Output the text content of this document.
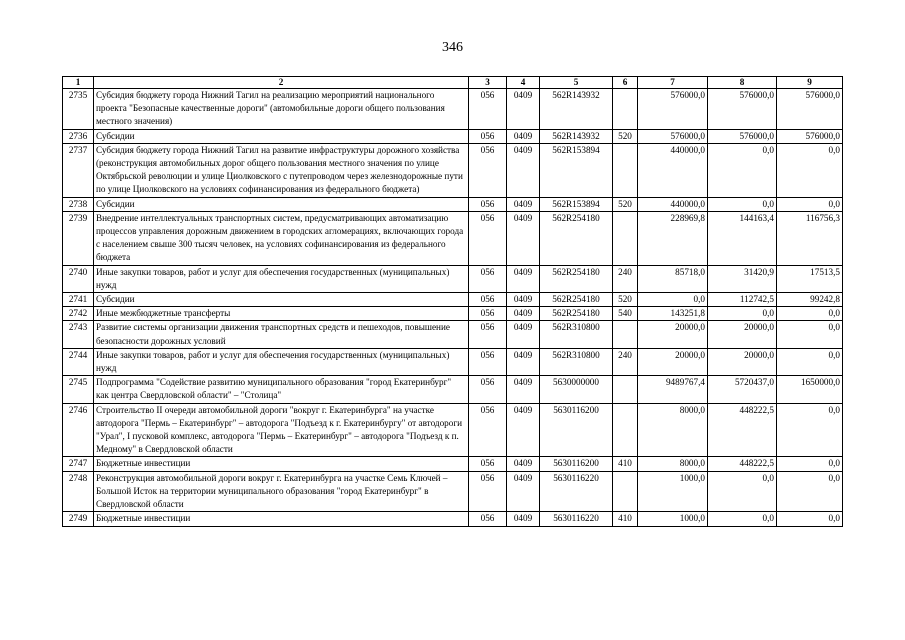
346
1	2	3	4	5	6	7	8	9
2735	Субсидия бюджету города Нижний Тагил на реализацию мероприятий национального проекта "Безопасные качественные дороги" (автомобильные дороги общего пользования местного значения)	056	0409	562R143932		576000,0	576000,0	576000,0
2736	Субсидии	056	0409	562R143932	520	576000,0	576000,0	576000,0
2737	Субсидия бюджету города Нижний Тагил на развитие инфраструктуры дорожного хозяйства (реконструкция автомобильных дорог общего пользования местного значения по улице Октябрьской революции и улице Циолковского с путепроводом через железнодорожные пути по улице Циолковского на условиях софинансирования из федерального бюджета)	056	0409	562R153894		440000,0	0,0	0,0
2738	Субсидии	056	0409	562R153894	520	440000,0	0,0	0,0
2739	Внедрение интеллектуальных транспортных систем, предусматривающих автоматизацию процессов управления дорожным движением в городских агломерациях, включающих города с населением свыше 300 тысяч человек, на условиях софинансирования из федерального бюджета	056	0409	562R254180		228969,8	144163,4	116756,3
2740	Иные закупки товаров, работ и услуг для обеспечения государственных (муниципальных) нужд	056	0409	562R254180	240	85718,0	31420,9	17513,5
2741	Субсидии	056	0409	562R254180	520	0,0	112742,5	99242,8
2742	Иные межбюджетные трансферты	056	0409	562R254180	540	143251,8	0,0	0,0
2743	Развитие системы организации движения транспортных средств и пешеходов, повышение безопасности дорожных условий	056	0409	562R310800		20000,0	20000,0	0,0
2744	Иные закупки товаров, работ и услуг для обеспечения государственных (муниципальных) нужд	056	0409	562R310800	240	20000,0	20000,0	0,0
2745	Подпрограмма "Содействие развитию муниципального образования "город Екатеринбург" как центра Свердловской области" – "Столица"	056	0409	5630000000		9489767,4	5720437,0	1650000,0
2746	Строительство II очереди автомобильной дороги "вокруг г. Екатеринбурга" на участке автодорога "Пермь – Екатеринбург" – автодорога "Подъезд к г. Екатеринбургу" от автодороги "Урал", I пусковой комплекс, автодорога "Пермь – Екатеринбург" – автодорога "Подъезд к п. Медному" в Свердловской области	056	0409	5630116200		8000,0	448222,5	0,0
2747	Бюджетные инвестиции	056	0409	5630116200	410	8000,0	448222,5	0,0
2748	Реконструкция автомобильной дороги вокруг г. Екатеринбурга на участке Семь Ключей – Большой Исток на территории муниципального образования "город Екатеринбург" в Свердловской области	056	0409	5630116220		1000,0	0,0	0,0
2749	Бюджетные инвестиции	056	0409	5630116220	410	1000,0	0,0	0,0
